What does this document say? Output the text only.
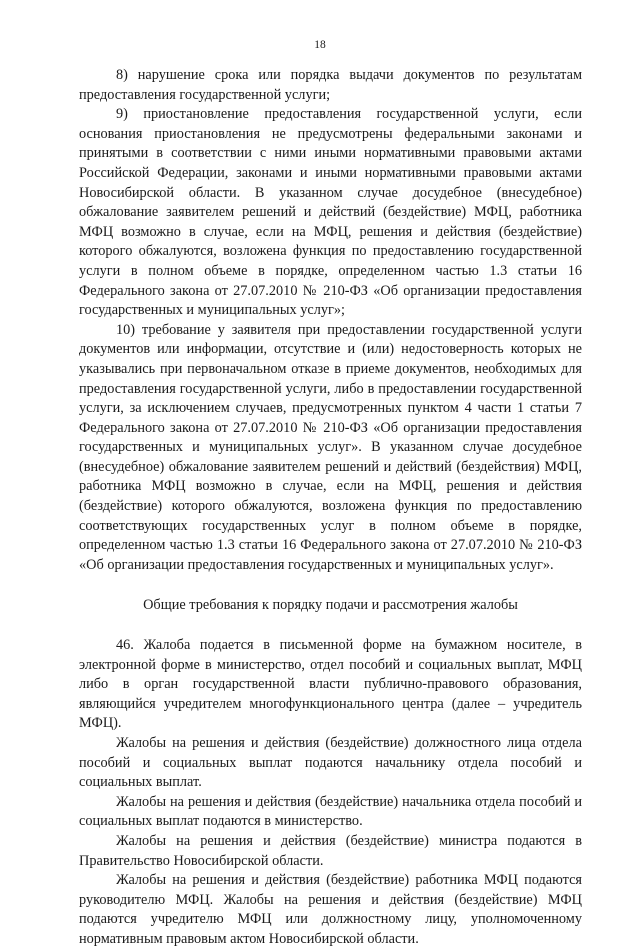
18

8) нарушение срока или порядка выдачи документов по результатам предоставления государственной услуги;

9) приостановление предоставления государственной услуги, если основания приостановления не предусмотрены федеральными законами и принятыми в соответствии с ними иными нормативными правовыми актами Российской Федерации, законами и иными нормативными правовыми актами Новосибирской области. В указанном случае досудебное (внесудебное) обжалование заявителем решений и действий (бездействие) МФЦ, работника МФЦ возможно в случае, если на МФЦ, решения и действия (бездействие) которого обжалуются, возложена функция по предоставлению государственной услуги в полном объеме в порядке, определенном частью 1.3 статьи 16 Федерального закона от 27.07.2010 № 210-ФЗ «Об организации предоставления государственных и муниципальных услуг»;

10) требование у заявителя при предоставлении государственной услуги документов или информации, отсутствие и (или) недостоверность которых не указывались при первоначальном отказе в приеме документов, необходимых для предоставления государственной услуги, либо в предоставлении государственной услуги, за исключением случаев, предусмотренных пунктом 4 части 1 статьи 7 Федерального закона от 27.07.2010 № 210-ФЗ «Об организации предоставления государственных и муниципальных услуг». В указанном случае досудебное (внесудебное) обжалование заявителем решений и действий (бездействия) МФЦ, работника МФЦ возможно в случае, если на МФЦ, решения и действия (бездействие) которого обжалуются, возложена функция по предоставлению соответствующих государственных услуг в полном объеме в порядке, определенном частью 1.3 статьи 16 Федерального закона от 27.07.2010 № 210-ФЗ «Об организации предоставления государственных и муниципальных услуг».

Общие требования к порядку подачи и рассмотрения жалобы

46. Жалоба подается в письменной форме на бумажном носителе, в электронной форме в министерство, отдел пособий и социальных выплат, МФЦ либо в орган государственной власти публично-правового образования, являющийся учредителем многофункционального центра (далее – учредитель МФЦ).

Жалобы на решения и действия (бездействие) должностного лица отдела пособий и социальных выплат подаются начальнику отдела пособий и социальных выплат.

Жалобы на решения и действия (бездействие) начальника отдела пособий и социальных выплат подаются в министерство.

Жалобы на решения и действия (бездействие) министра подаются в Правительство Новосибирской области.

Жалобы на решения и действия (бездействие) работника МФЦ подаются руководителю МФЦ. Жалобы на решения и действия (бездействие) МФЦ подаются учредителю МФЦ или должностному лицу, уполномоченному нормативным правовым актом Новосибирской области.
